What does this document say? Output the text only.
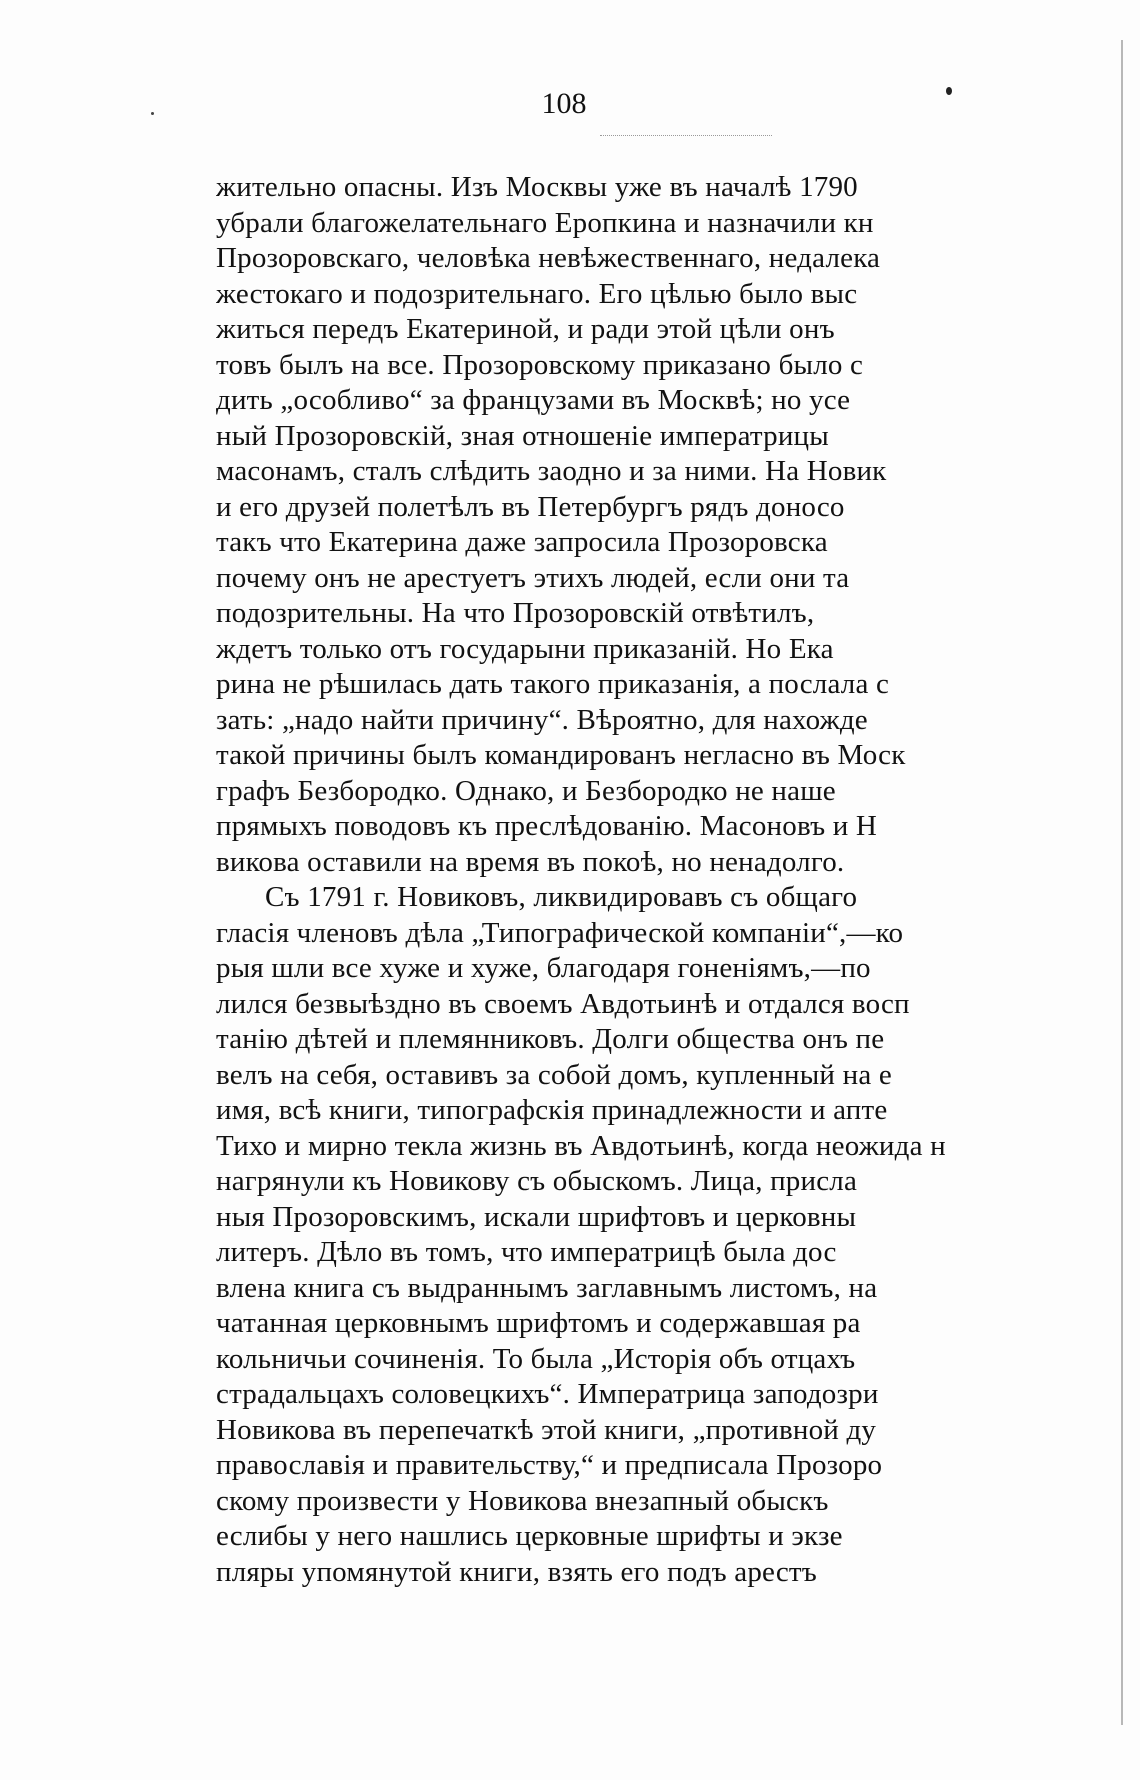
108
жительно опасны. Изъ Москвы уже въ началѣ 1790
убрали благожелательнаго Еропкина и назначили кн
Прозоровскаго, человѣка невѣжественнаго, недалека
жестокаго и подозрительнаго. Его цѣлью было выс
житься передъ Екатериной, и ради этой цѣли онъ
товъ былъ на все. Прозоровскому приказано было с
дить „особливо“ за французами въ Москвѣ; но усе
ный Прозоровскій, зная отношеніе императрицы
масонамъ, сталъ слѣдить заодно и за ними. На Новик
и его друзей полетѣлъ въ Петербургъ рядъ доносо
такъ что Екатерина даже запросила Прозоровска
почему онъ не арестуетъ этихъ людей, если они та
подозрительны. На что Прозоровскій отвѣтилъ,
ждетъ только отъ государыни приказаній. Но Ека
рина не рѣшилась дать такого приказанія, а послала с
зать: „надо найти причину“. Вѣроятно, для нахожде
такой причины былъ командированъ негласно въ Моск
графъ Безбородко. Однако, и Безбородко не наше
прямыхъ поводовъ къ преслѣдованію. Масоновъ и Н
викова оставили на время въ покоѣ, но ненадолго.
Съ 1791 г. Новиковъ, ликвидировавъ съ общаго
гласія членовъ дѣла „Типографической компаніи“,—ко
рыя шли все хуже и хуже, благодаря гоненіямъ,—по
лился безвыѣздно въ своемъ Авдотьинѣ и отдался восп
танію дѣтей и племянниковъ. Долги общества онъ пе
велъ на себя, оставивъ за собой домъ, купленный на е
имя, всѣ книги, типографскія принадлежности и апте
Тихо и мирно текла жизнь въ Авдотьинѣ, когда неожида н
нагрянули къ Новикову съ обыскомъ. Лица, присла
ныя Прозоровскимъ, искали шрифтовъ и церковны
литеръ. Дѣло въ томъ, что императрицѣ была дос
влена книга съ выдраннымъ заглавнымъ листомъ, на
чатанная церковнымъ шрифтомъ и содержавшая ра
кольничьи сочиненія. То была „Исторія объ отцахъ
страдальцахъ соловецкихъ“. Императрица заподозри
Новикова въ перепечаткѣ этой книги, „противной ду
православія и правительству,“ и предписала Прозоро
скому произвести у Новикова внезапный обыскъ
еслибы у него нашлись церковные шрифты и экзе
пляры упомянутой книги, взять его подъ арестъ
